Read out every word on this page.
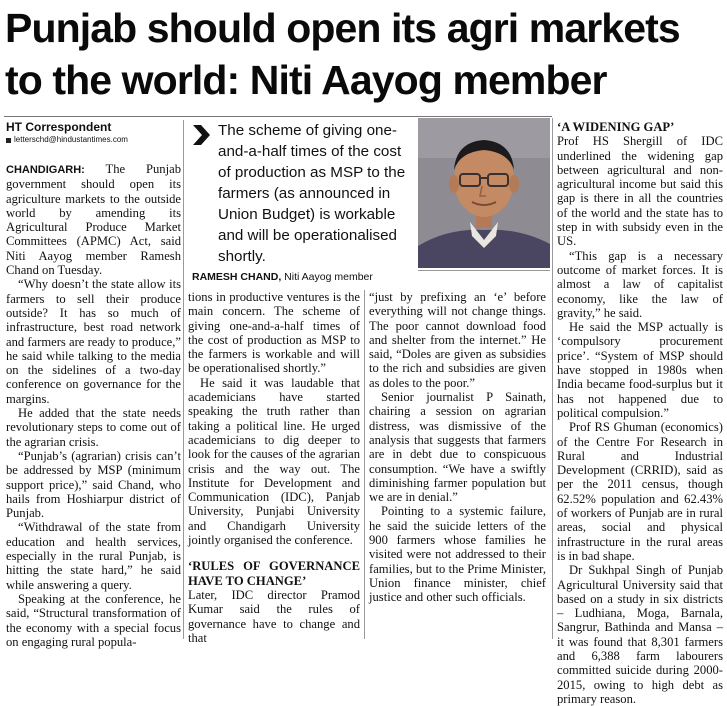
Punjab should open its agri markets to the world: Niti Aayog member
HT Correspondent
letterschd@hindustantimes.com

CHANDIGARH: The Punjab government should open its agriculture markets to the outside world by amending its Agricultural Produce Market Committees (APMC) Act, said Niti Aayog member Ramesh Chand on Tuesday.

“Why doesn’t the state allow its farmers to sell their produce outside? It has so much of infrastructure, best road network and farmers are ready to produce,” he said while talking to the media on the sidelines of a two-day conference on governance for the margins.

He added that the state needs revolutionary steps to come out of the agrarian crisis.

“Punjab’s (agrarian) crisis can’t be addressed by MSP (minimum support price),” said Chand, who hails from Hoshiarpur district of Punjab.

“Withdrawal of the state from education and health services, especially in the rural Punjab, is hitting the state hard,” he said while answering a query.

Speaking at the conference, he said, “Structural transformation of the economy with a special focus on engaging rural popula-

The scheme of giving one-and-a-half times of the cost of production as MSP to the farmers (as announced in Union Budget) is workable and will be operationalised shortly.
RAMESH CHAND, Niti Aayog member

tions in productive ventures is the main concern. The scheme of giving one-and-a-half times of the cost of production as MSP to the farmers is workable and will be operationalised shortly.”

He said it was laudable that academicians have started speaking the truth rather than taking a political line. He urged academicians to dig deeper to look for the causes of the agrarian crisis and the way out. The Institute for Development and Communication (IDC), Panjab University, Punjabi University and Chandigarh University jointly organised the conference.

‘RULES OF GOVERNANCE HAVE TO CHANGE’

Later, IDC director Pramod Kumar said the rules of governance have to change and that

“just by prefixing an ‘e’ before everything will not change things. The poor cannot download food and shelter from the internet.” He said, “Doles are given as subsidies to the rich and subsidies are given as doles to the poor.”

Senior journalist P Sainath, chairing a session on agrarian distress, was dismissive of the analysis that suggests that farmers are in debt due to conspicuous consumption. “We have a swiftly diminishing farmer population but we are in denial.”

Pointing to a systemic failure, he said the suicide letters of the 900 farmers whose families he visited were not addressed to their families, but to the Prime Minister, Union finance minister, chief justice and other such officials.

‘A WIDENING GAP’

Prof HS Shergill of IDC underlined the widening gap between agricultural and non-agricultural income but said this gap is there in all the countries of the world and the state has to step in with subsidy even in the US.

“This gap is a necessary outcome of market forces. It is almost a law of capitalist economy, like the law of gravity,” he said.

He said the MSP actually is ‘compulsory procurement price’. “System of MSP should have stopped in 1980s when India became food-surplus but it has not happened due to political compulsion.”

Prof RS Ghuman (economics) of the Centre For Research in Rural and Industrial Development (CRRID), said as per the 2011 census, though 62.52% population and 62.43% of workers of Punjab are in rural areas, social and physical infrastructure in the rural areas is in bad shape.

Dr Sukhpal Singh of Punjab Agricultural University said that based on a study in six districts – Ludhiana, Moga, Barnala, Sangrur, Bathinda and Mansa – it was found that 8,301 farmers and 6,388 farm labourers committed suicide during 2000-2015, owing to high debt as primary reason.
